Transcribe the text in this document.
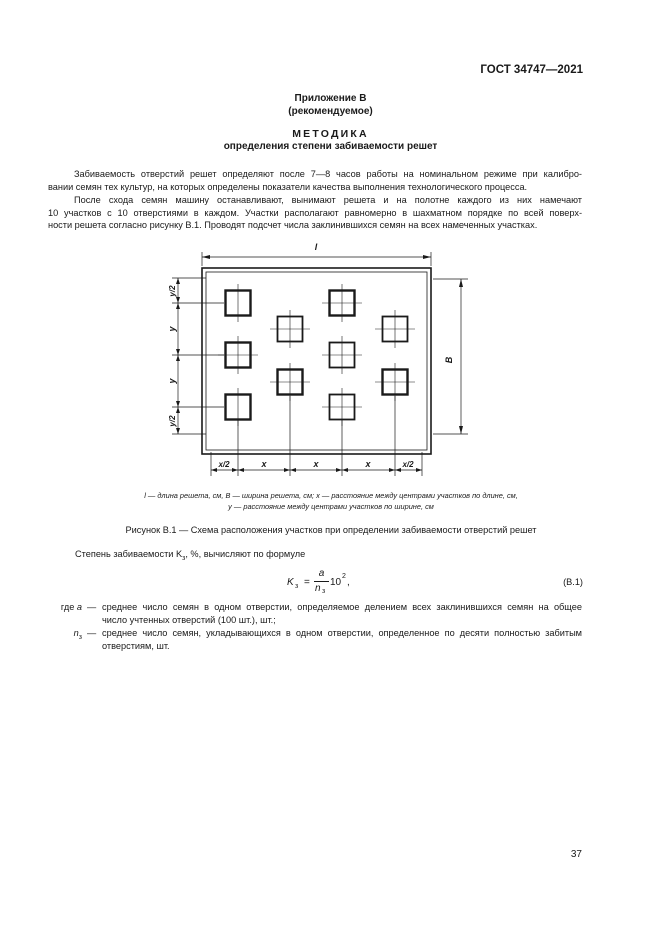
ГОСТ 34747—2021
Приложение В
(рекомендуемое)
МЕТОДИКА
определения степени забиваемости решет
Забиваемость отверстий решет определяют после 7—8 часов работы на номинальном режиме при калибро-
вании семян тех культур, на которых определены показатели качества выполнения технологического процесса.
После схода семян машину останавливают, вынимают решета и на полотне каждого из них намечают
10 участков с 10 отверстиями в каждом. Участки располагают равномерно в шахматном порядке по всей поверх-
ности решета согласно рисунку В.1. Проводят подсчет числа заклинившихся семян на всех намеченных участках.
l
В
x/2	x	x	x	x/2
y/2
y
y
y/2
l — длина решета, см, В — ширина решета, см; x — расстояние между центрами участков по длине, см,
y — расстояние между центрами участков по ширине, см
Рисунок В.1 — Схема расположения участков при определении забиваемости отверстий решет
Степень забиваемости $K_з$, %, вычисляют по формуле
K з =
a
n з
10
2
,	(В.1)
где a — среднее число семян в одном отверстии, определяемое делением всех заклинившихся семян на общее
число учтенных отверстий (100 шт.), шт.;
$n_з$ — среднее число семян, укладывающихся в одном отверстии, определенное по десяти полностью забитым
отверстиям, шт.
37
